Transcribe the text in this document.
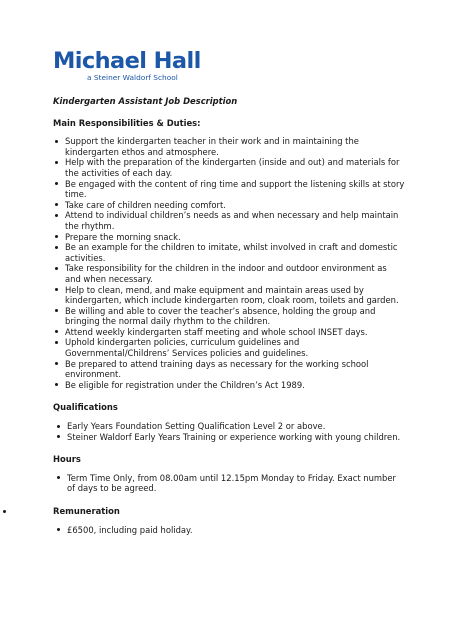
Michael Hall
a Steiner Waldorf School

Kindergarten Assistant Job Description

Main Responsibilities & Duties:
Support the kindergarten teacher in their work and in maintaining the kindergarten ethos and atmosphere.
Help with the preparation of the kindergarten (inside and out) and materials for the activities of each day.
Be engaged with the content of ring time and support the listening skills at story time.
Take care of children needing comfort.
Attend to individual children’s needs as and when necessary and help maintain the rhythm.
Prepare the morning snack.
Be an example for the children to imitate, whilst involved in craft and domestic activities.
Take responsibility for the children in the indoor and outdoor environment as and when necessary.
Help to clean, mend, and make equipment and maintain areas used by kindergarten, which include kindergarten room, cloak room, toilets and garden.
Be willing and able to cover the teacher’s absence, holding the group and bringing the normal daily rhythm to the children.
Attend weekly kindergarten staff meeting and whole school INSET days.
Uphold kindergarten policies, curriculum guidelines and Governmental/Childrens’ Services policies and guidelines.
Be prepared to attend training days as necessary for the working school environment.
Be eligible for registration under the Children’s Act 1989.
Qualifications
Early Years Foundation Setting Qualification Level 2 or above.
Steiner Waldorf Early Years Training or experience working with young children.
Hours
Term Time Only, from 08.00am until 12.15pm Monday to Friday. Exact number of days to be agreed.
Remuneration
£6500, including paid holiday.
